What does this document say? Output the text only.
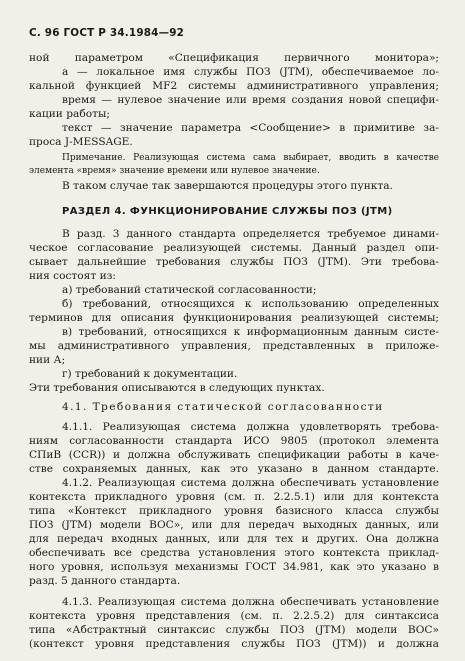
С. 96 ГОСТ Р 34.1984—92
ной параметром «Спецификация первичного монитора»;
а — локальное имя службы ПОЗ (JTM), обеспечиваемое ло-
кальной функцией MF2 системы административного управления;
время — нулевое значение или время создания новой специфи-
кации работы;
текст — значение параметра <Сообщение> в примитиве за-
проса J-MESSAGE.
Примечание. Реализующая система сама выбирает, вводить в качестве
элемента «время» значение времени или нулевое значение.
В таком случае так завершаются процедуры этого пункта.
РАЗДЕЛ 4. ФУНКЦИОНИРОВАНИЕ СЛУЖБЫ ПОЗ (JTM)
В разд. 3 данного стандарта определяется требуемое динами-
ческое согласование реализующей системы. Данный раздел опи-
сывает дальнейшие требования службы ПОЗ (JTM). Эти требова-
ния состоят из:
а) требований статической согласованности;
б) требований, относящихся к использованию определенных
терминов для описания функционирования реализующей системы;
в) требований, относящихся к информационным данным систе-
мы административного управления, представленных в приложе-
нии А;
г) требований к документации.
Эти требования описываются в следующих пунктах.
4.1. Требования статической согласованности
4.1.1. Реализующая система должна удовлетворять требова-
ниям согласованности стандарта ИСО 9805 (протокол элемента
СПиВ (CCR)) и должна обслуживать спецификации работы в каче-
стве сохраняемых данных, как это указано в данном стандарте.
4.1.2. Реализующая система должна обеспечивать установление
контекста прикладного уровня (см. п. 2.2.5.1) или для контекста
типа «Контекст прикладного уровня базисного класса службы
ПОЗ (JTM) модели ВОС», или для передач выходных данных, или
для передач входных данных, или для тех и других. Она должна
обеспечивать все средства установления этого контекста приклад-
ного уровня, используя механизмы ГОСТ 34.981, как это указано в
разд. 5 данного стандарта.
4.1.3. Реализующая система должна обеспечивать установление
контекста уровня представления (см. п. 2.2.5.2) для синтаксиса
типа «Абстрактный синтаксис службы ПОЗ (JTM) модели ВОС»
(контекст уровня представления службы ПОЗ (JTM)) и должна
